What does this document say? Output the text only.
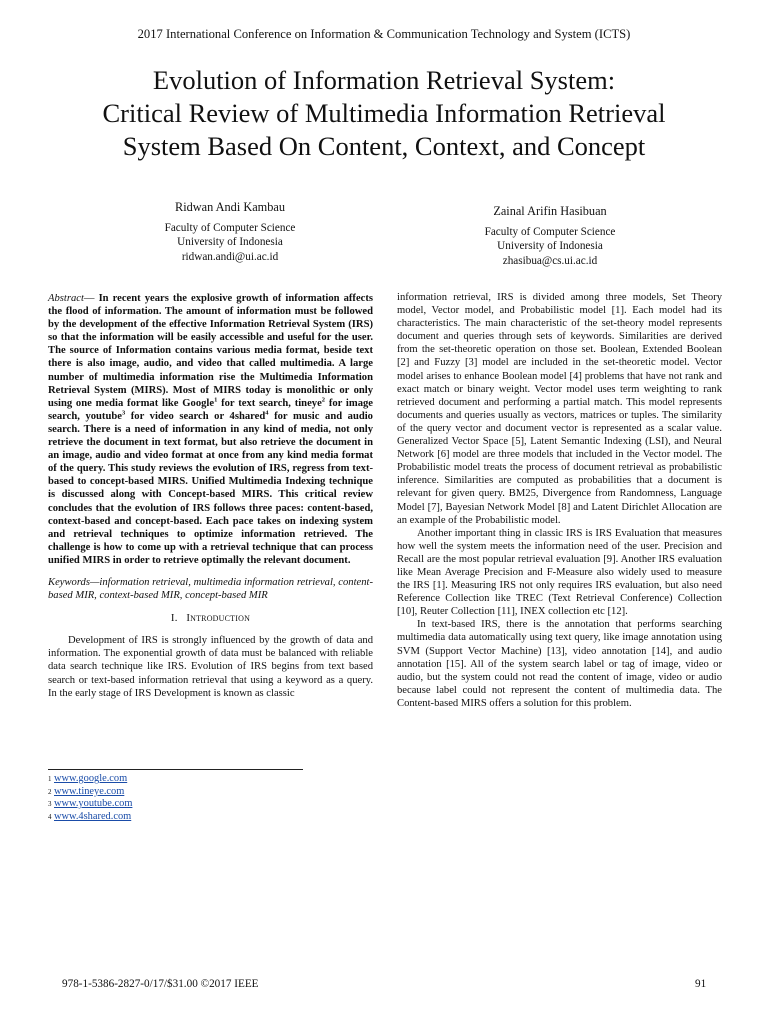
2017 International Conference on Information & Communication Technology and System (ICTS)
Evolution of Information Retrieval System:
Critical Review of Multimedia Information Retrieval
System Based On Content, Context, and Concept
Ridwan Andi Kambau
Faculty of Computer Science
University of Indonesia
ridwan.andi@ui.ac.id
Zainal Arifin Hasibuan
Faculty of Computer Science
University of Indonesia
zhasibua@cs.ui.ac.id

Abstract— In recent years the explosive growth of information affects the flood of information. The amount of information must be followed by the development of the effective Information Retrieval System (IRS) so that the information will be easily accessible and useful for the user. The source of Information contains various media format, beside text there is also image, audio, and video that called multimedia. A large number of multimedia information rise the Multimedia Information Retrieval System (MIRS). Most of MIRS today is monolithic or only using one media format like Google$^1$ for text search, tineye$^2$ for image search, youtube$^3$ for video search or 4shared$^4$ for music and audio search. There is a need of information in any kind of media, not only retrieve the document in text format, but also retrieve the document in an image, audio and video format at once from any kind media format of the query. This study reviews the evolution of IRS, regress from text-based to concept-based MIRS. Unified Multimedia Indexing technique is discussed along with Concept-based MIRS. This critical review concludes that the evolution of IRS follows three paces: content-based, context-based and concept-based. Each pace takes on indexing system and retrieval techniques to optimize information retrieved. The challenge is how to come up with a retrieval technique that can process unified MIRS in order to retrieve optimally the relevant document.

Keywords—information retrieval, multimedia information retrieval, content-based MIR, context-based MIR, concept-based MIR

I. Introduction

Development of IRS is strongly influenced by the growth of data and information. The exponential growth of data must be balanced with reliable data search technique like IRS. Evolution of IRS begins from text based search or text-based information retrieval that using a keyword as a query. In the early stage of IRS Development is known as classic

1 www.google.com
2 www.tineye.com
3 www.youtube.com
4 www.4shared.com

information retrieval, IRS is divided among three models, Set Theory model, Vector model, and Probabilistic model [1]. Each model had its characteristics. The main characteristic of the set-theory model represents document and queries through sets of keywords. Similarities are derived from the set-theoretic operation on those set. Boolean, Extended Boolean [2] and Fuzzy [3] model are included in the set-theoretic model. Vector model arises to enhance Boolean model [4] problems that have not rank and exact match or binary weight. Vector model uses term weighting to rank retrieved document and performing a partial match. This model represents documents and queries usually as vectors, matrices or tuples. The similarity of the query vector and document vector is represented as a scalar value. Generalized Vector Space [5], Latent Semantic Indexing (LSI), and Neural Network [6] model are three models that included in the Vector model. The Probabilistic model treats the process of document retrieval as probabilistic inference. Similarities are computed as probabilities that a document is relevant for given query. BM25, Divergence from Randomness, Language Model [7], Bayesian Network Model [8] and Latent Dirichlet Allocation are an example of the Probabilistic model.

Another important thing in classic IRS is IRS Evaluation that measures how well the system meets the information need of the user. Precision and Recall are the most popular retrieval evaluation [9]. Another IRS evaluation like Mean Average Precision and F-Measure also widely used to measure the IRS [1]. Measuring IRS not only requires IRS evaluation, but also need Reference Collection like TREC (Text Retrieval Conference) Collection [10], Reuter Collection [11], INEX collection etc [12].

In text-based IRS, there is the annotation that performs searching multimedia data automatically using text query, like image annotation using SVM (Support Vector Machine) [13], video annotation [14], and audio annotation [15]. All of the system search label or tag of image, video or audio, but the system could not read the content of image, video or audio because label could not represent the content of multimedia data. The Content-based MIRS offers a solution for this problem.

978-1-5386-2827-0/17/$31.00 ©2017 IEEE	91
